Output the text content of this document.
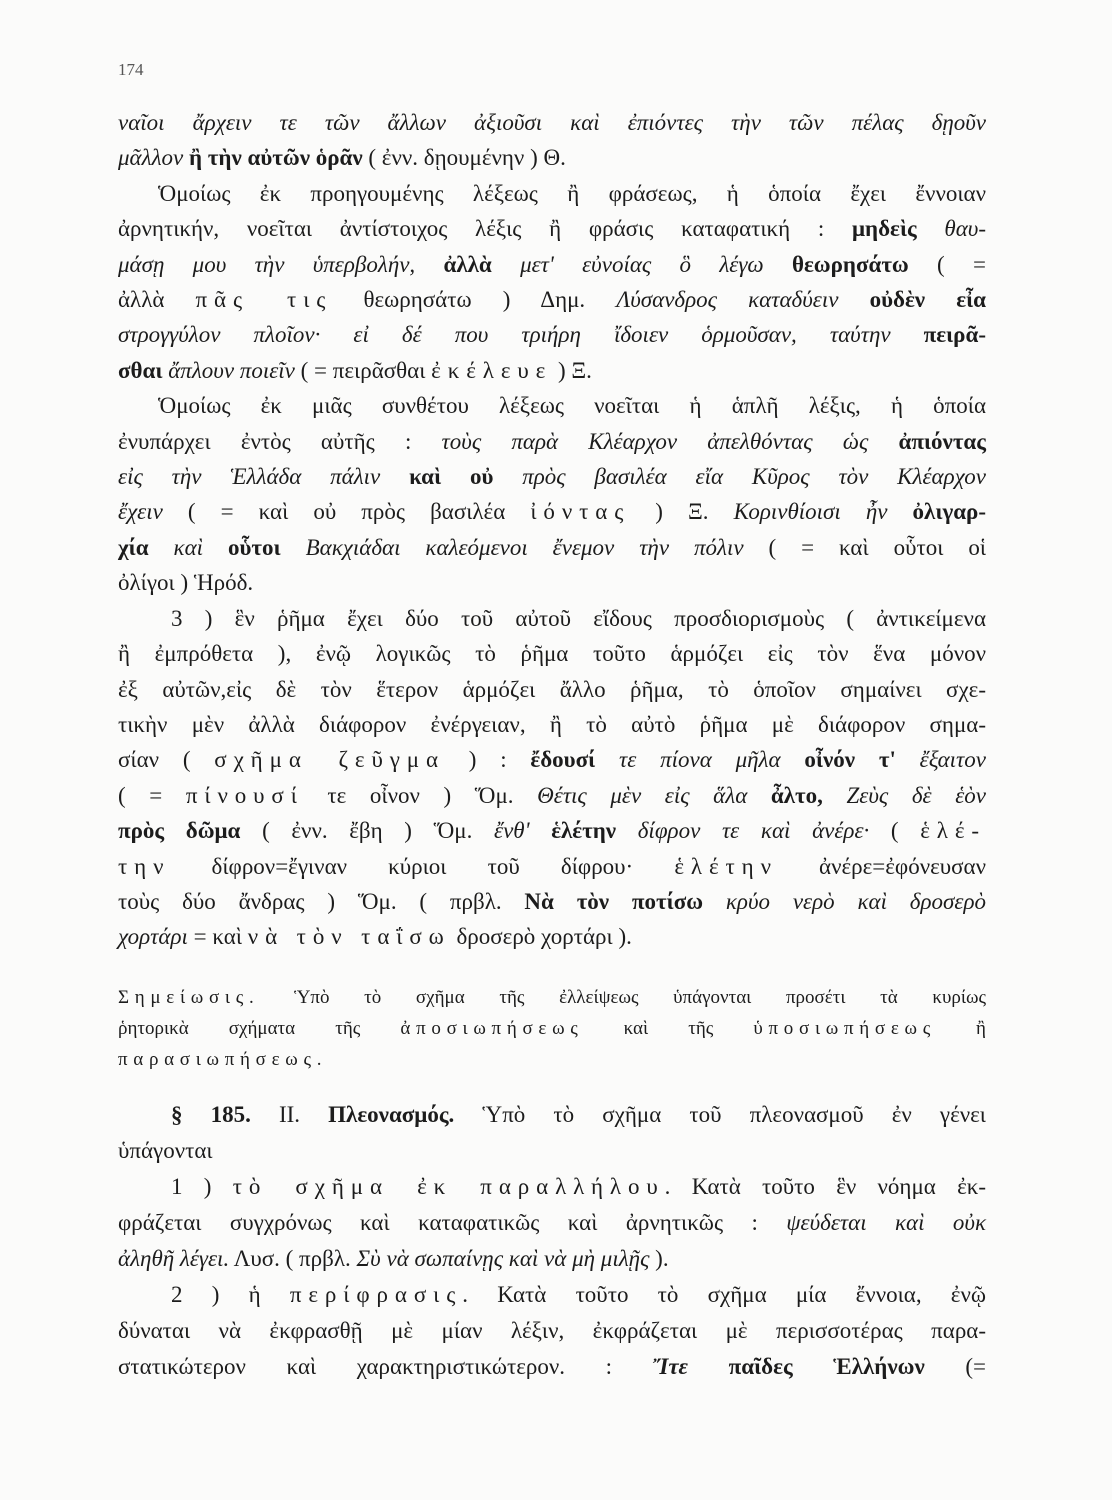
174
ναῖοι ἄρχειν τε τῶν ἄλλων ἀξιοῦσι καὶ ἐπιόντες τὴν τῶν πέλας δῃοῦν
μᾶλλον ἢ τὴν αὐτῶν ὁρᾶν ( ἐνν. δῃουμένην ) Θ.
Ὁμοίως ἐκ προηγουμένης λέξεως ἢ φράσεως, ἡ ὁποία ἔχει ἔννοιαν
ἀρνητικήν, νοεῖται ἀντίστοιχος λέξις ἢ φράσις καταφατική : μηδεὶς θαυ-
μάσῃ μου τὴν ὑπερβολήν, ἀλλὰ μετ' εὐνοίας ὃ λέγω θεωρησάτω ( =
ἀλλὰ πᾶς τις θεωρησάτω ) Δημ. Λύσανδρος καταδύειν οὐδὲν εἶα
στρογγύλον πλοῖον· εἰ δέ που τριήρη ἴδοιεν ὁρμοῦσαν, ταύτην πειρᾶ-
σθαι ἄπλουν ποιεῖν ( = πειρᾶσθαι ἐκέλευε ) Ξ.
Ὁμοίως ἐκ μιᾶς συνθέτου λέξεως νοεῖται ἡ ἁπλῆ λέξις, ἡ ὁποία
ἐνυπάρχει ἐντὸς αὐτῆς : τοὺς παρὰ Κλέαρχον ἀπελθόντας ὡς ἀπιόντας
εἰς τὴν Ἑλλάδα πάλιν καὶ οὐ πρὸς βασιλέα εἴα Κῦρος τὸν Κλέαρχον
ἔχειν ( = καὶ οὐ πρὸς βασιλέα ἰόντας ) Ξ. Κορινθίοισι ἦν ὀλιγαρ-
χία καὶ οὗτοι Βακχιάδαι καλεόμενοι ἔνεμον τὴν πόλιν ( = καὶ οὗτοι οἱ
ὀλίγοι ) Ἡρόδ.
3 ) ἓν ῥῆμα ἔχει δύο τοῦ αὐτοῦ εἴδους προσδιορισμοὺς ( ἀντικείμενα
ἢ ἐμπρόθετα ), ἐνῷ λογικῶς τὸ ῥῆμα τοῦτο ἁρμόζει εἰς τὸν ἕνα μόνον
ἐξ αὐτῶν,εἰς δὲ τὸν ἕτερον ἁρμόζει ἄλλο ῥῆμα, τὸ ὁποῖον σημαίνει σχε-
τικὴν μὲν ἀλλὰ διάφορον ἐνέργειαν, ἢ τὸ αὐτὸ ῥῆμα μὲ διάφορον σημα-
σίαν ( σχῆμα ζεῦγμα ) : ἔδουσί τε πίονα μῆλα οἶνόν τ' ἔξαιτον
( = πίνουσί τε οἶνον ) Ὅμ. Θέτις μὲν εἰς ἅλα ἆλτο, Ζεὺς δὲ ἑὸν
πρὸς δῶμα ( ἐνν. ἔβη ) Ὅμ. ἔνθ' ἑλέτην δίφρον τε καὶ ἀνέρε· ( ἑλέ-
την δίφρον=ἔγιναν κύριοι τοῦ δίφρου· ἑλέτην ἀνέρε=ἐφόνευσαν
τοὺς δύο ἄνδρας ) Ὅμ. ( πρβλ. Νὰ τὸν ποτίσω κρύο νερὸ καὶ δροσερὸ
χορτάρι = καὶ νὰ τὸν ταΐσω δροσερὸ χορτάρι ).
Σημείωσις. Ὑπὸ τὸ σχῆμα τῆς ἐλλείψεως ὑπάγονται προσέτι τὰ κυρίως
ῥητορικὰ σχήματα τῆς ἀποσιωπήσεως καὶ τῆς ὑποσιωπήσεως ἢ
παρασιωπήσεως.
§ 185. II. Πλεονασμός. Ὑπὸ τὸ σχῆμα τοῦ πλεονασμοῦ ἐν γένει
ὑπάγονται
1 ) τὸ σχῆμα ἐκ παραλλήλου. Κατὰ τοῦτο ἓν νόημα ἐκ-
φράζεται συγχρόνως καὶ καταφατικῶς καὶ ἀρνητικῶς : ψεύδεται καὶ οὐκ
ἀληθῆ λέγει. Λυσ. ( πρβλ. Σὺ νὰ σωπαίνῃς καὶ νὰ μὴ μιλῇς ).
2 ) ἡ περίφρασις. Κατὰ τοῦτο τὸ σχῆμα μία ἔννοια, ἐνῷ
δύναται νὰ ἐκφρασθῇ μὲ μίαν λέξιν, ἐκφράζεται μὲ περισσοτέρας παρα-
στατικώτερον καὶ χαρακτηριστικώτερον. : Ἴτε παῖδες Ἑλλήνων (=
